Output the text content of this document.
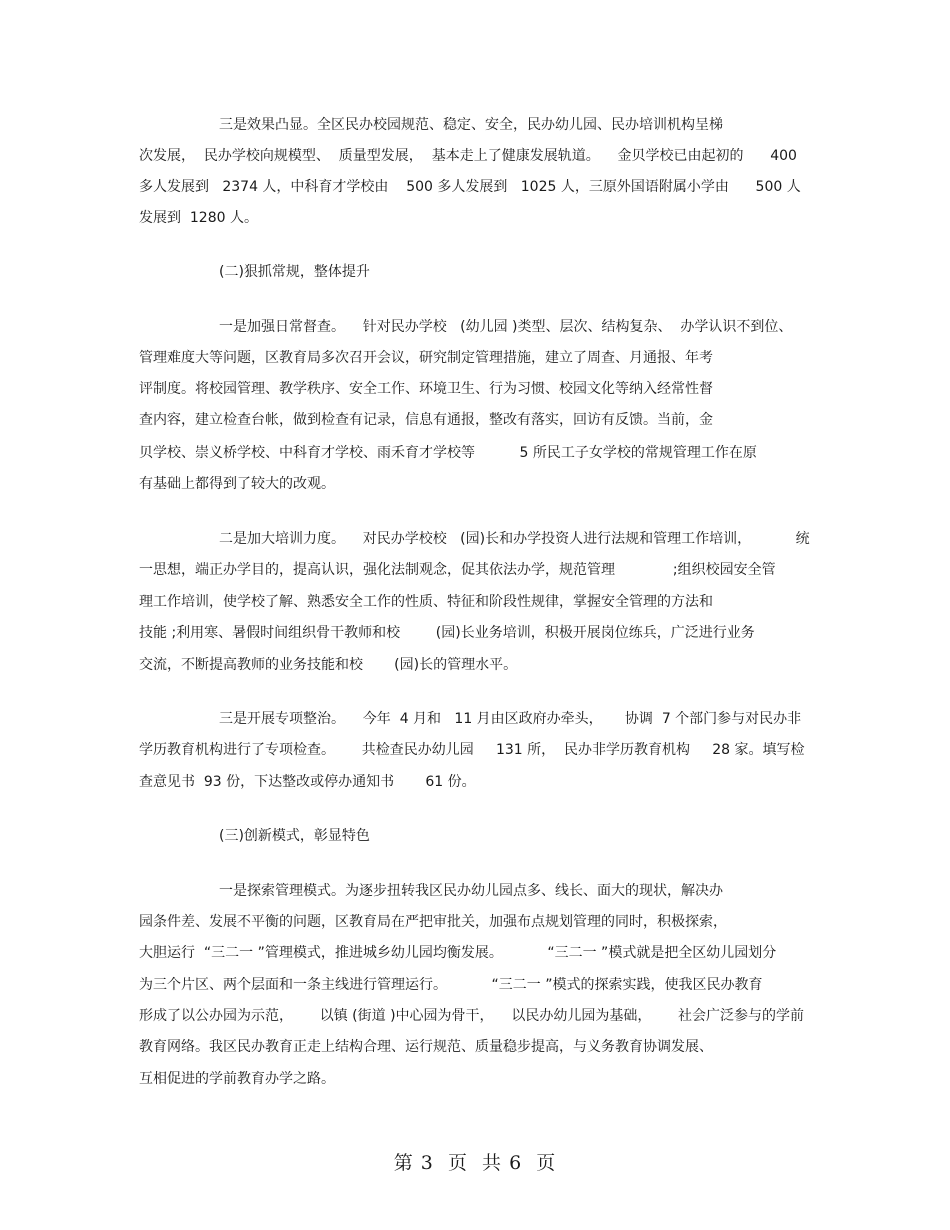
三是效果凸显。全区民办校园规范、稳定、安全，民办幼儿园、民办培训机构呈梯

次发展，  民办学校向规模型、  质量型发展，  基本走上了健康发展轨道。    金贝学校已由起初的      400

多人发展到   2374 人，中科育才学校由    500 多人发展到   1025 人，三原外国语附属小学由      500 人

发展到  1280 人。

(二)狠抓常规，整体提升

一是加强日常督查。    针对民办学校   (幼儿园 )类型、层次、结构复杂、  办学认识不到位、

管理难度大等问题，区教育局多次召开会议，研究制定管理措施，建立了周查、月通报、年考

评制度。将校园管理、教学秩序、安全工作、环境卫生、行为习惯、校园文化等纳入经常性督

查内容，建立检查台帐，做到检查有记录，信息有通报，整改有落实，回访有反馈。当前，金

贝学校、崇义桥学校、中科育才学校、雨禾育才学校等          5 所民工子女学校的常规管理工作在原

有基础上都得到了较大的改观。

二是加大培训力度。    对民办学校校   (园)长和办学投资人进行法规和管理工作培训，          统

一思想，端正办学目的，提高认识，强化法制观念，促其依法办学，规范管理             ;组织校园安全管

理工作培训，使学校了解、熟悉安全工作的性质、特征和阶段性规律，掌握安全管理的方法和

技能 ;利用寒、暑假时间组织骨干教师和校        (园)长业务培训，积极开展岗位练兵，广泛进行业务

交流，不断提高教师的业务技能和校       (园)长的管理水平。

三是开展专项整治。    今年  4 月和   11 月由区政府办牵头，     协调  7 个部门参与对民办非

学历教育机构进行了专项检查。      共检查民办幼儿园     131 所，  民办非学历教育机构     28 家。填写检

查意见书  93 份，下达整改或停办通知书       61 份。

(三)创新模式，彰显特色

一是探索管理模式。为逐步扭转我区民办幼儿园点多、线长、面大的现状，解决办

园条件差、发展不平衡的问题，区教育局在严把审批关，加强布点规划管理的同时，积极探索，

大胆运行  “三二一 ”管理模式，推进城乡幼儿园均衡发展。          “三二一 ”模式就是把全区幼儿园划分

为三个片区、两个层面和一条主线进行管理运行。          “三二一 ”模式的探索实践，使我区民办教育

形成了以公办园为示范，      以镇 (街道 )中心园为骨干，    以民办幼儿园为基础，      社会广泛参与的学前

教育网络。我区民办教育正走上结构合理、运行规范、质量稳步提高，与义务教育协调发展、

互相促进的学前教育办学之路。

第 3  页  共 6  页
